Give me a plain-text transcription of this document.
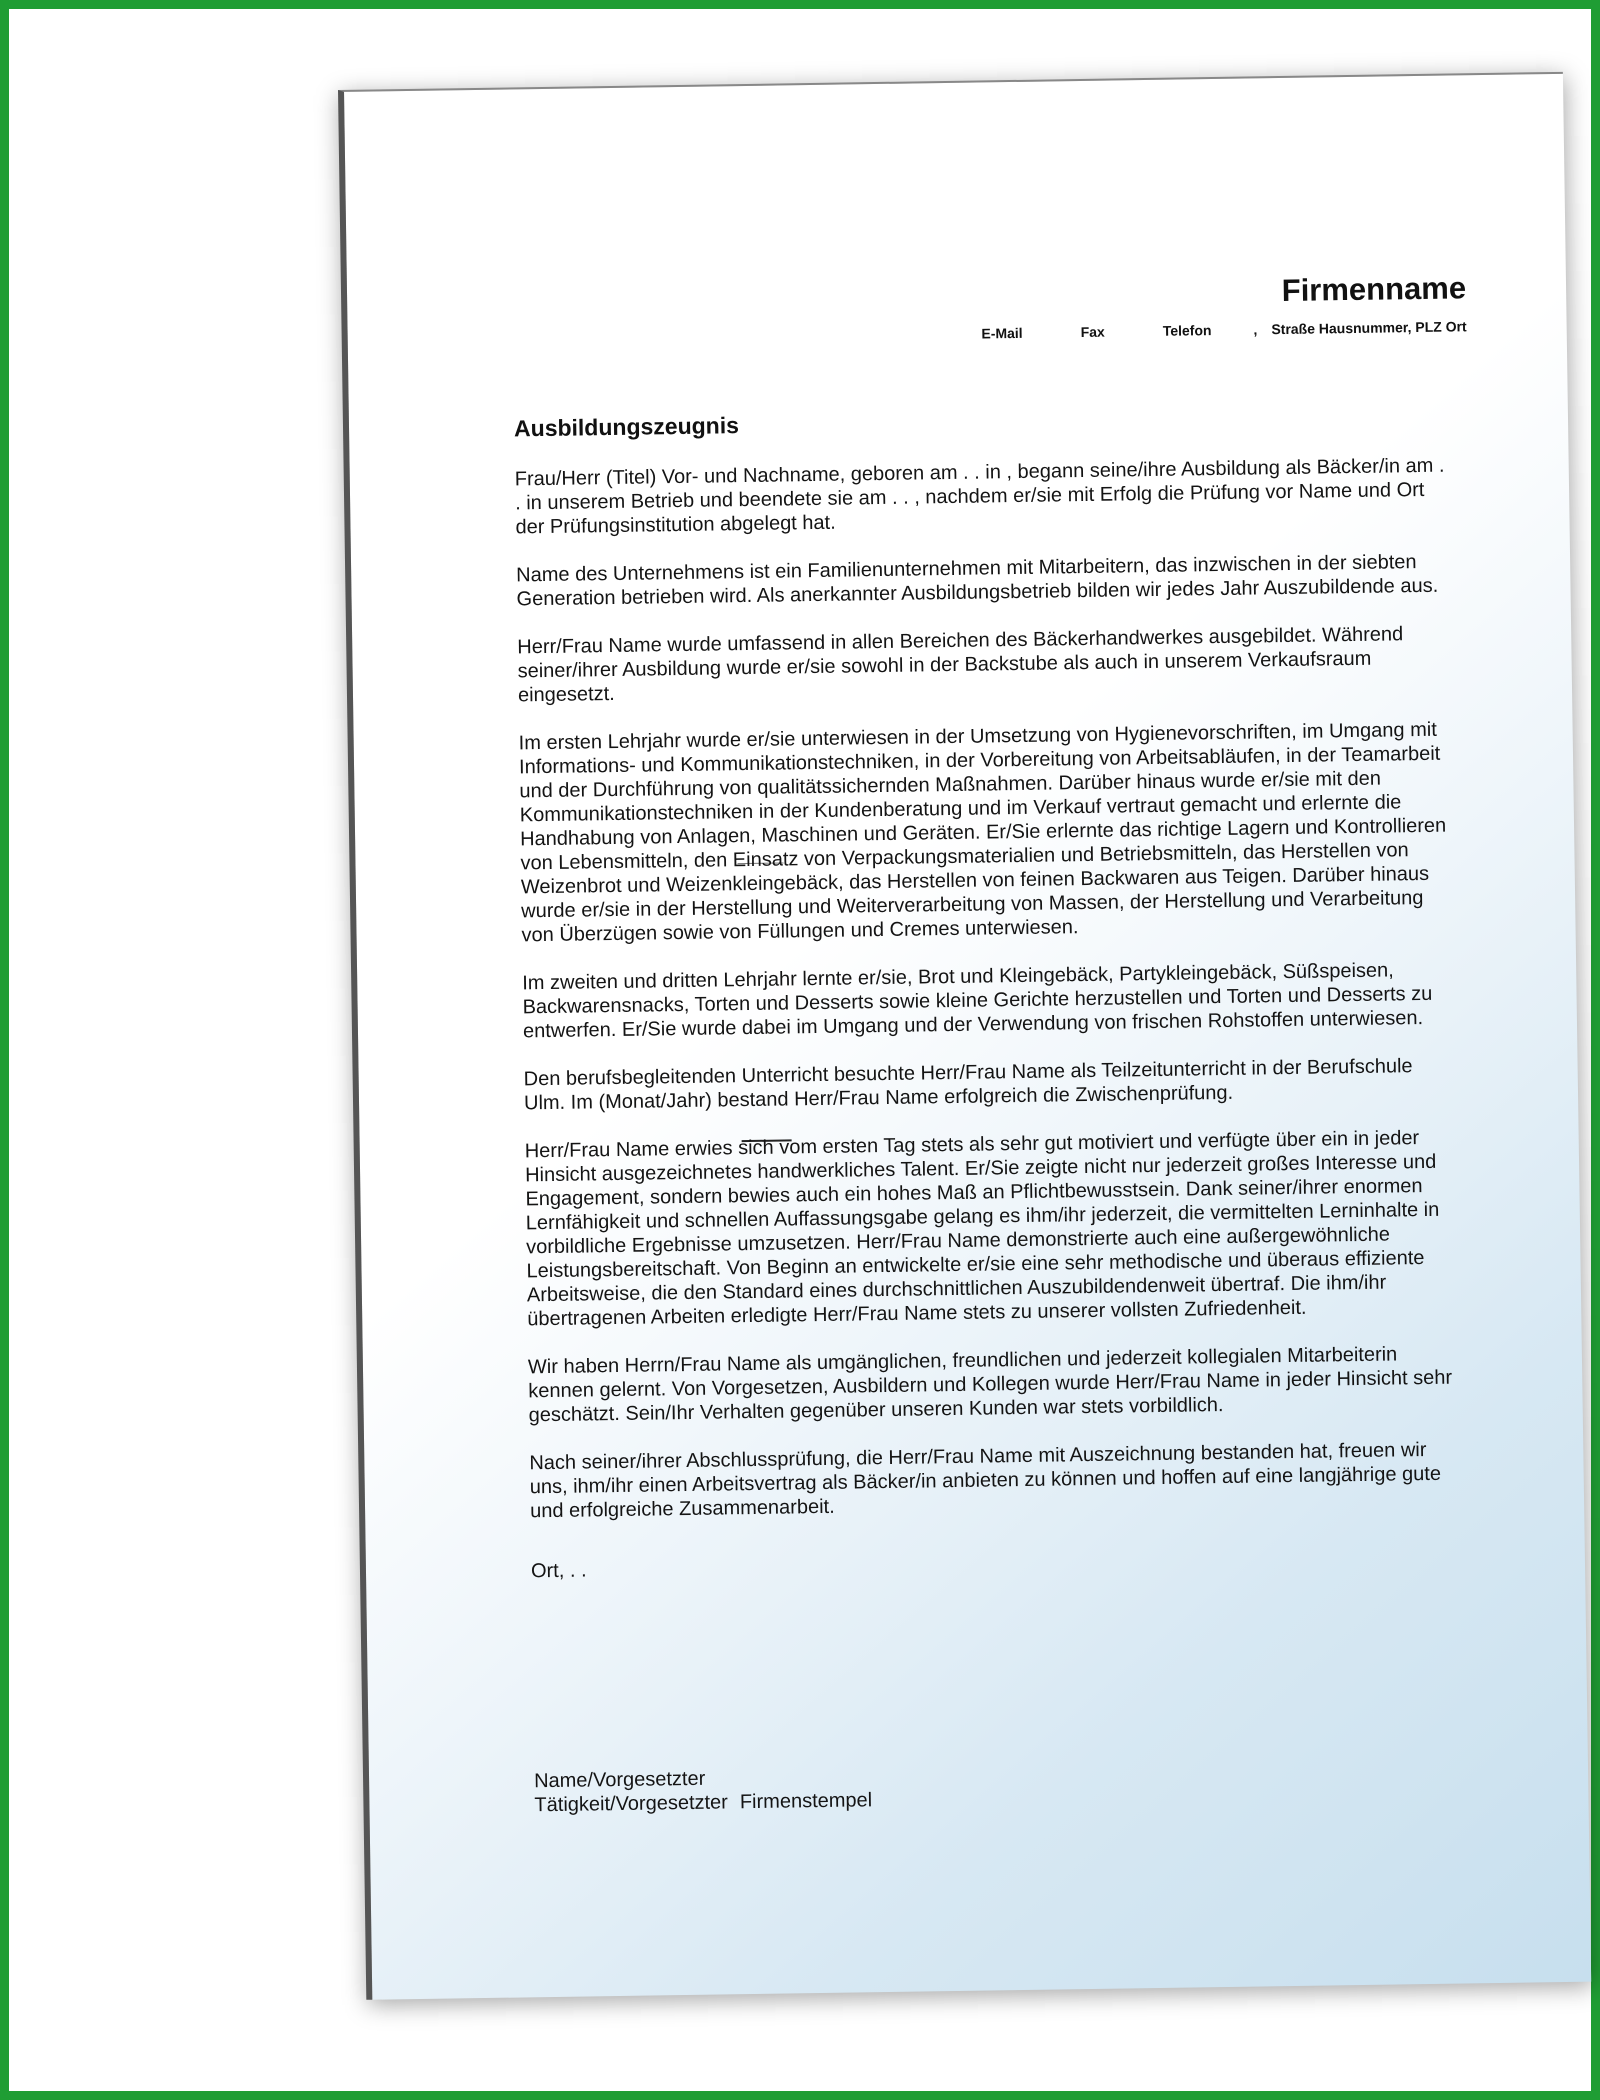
Firmenname
E-Mail	Fax	Telefon	, Straße Hausnummer, PLZ Ort
Ausbildungszeugnis

Frau/Herr (Titel) Vor- und Nachname, geboren am . . in , begann seine/ihre Ausbildung als Bäcker/in am . . in unserem Betrieb und beendete sie am . . , nachdem er/sie mit Erfolg die Prüfung vor Name und Ort der Prüfungsinstitution abgelegt hat.

Name des Unternehmens ist ein Familienunternehmen mit Mitarbeitern, das inzwischen in der siebten Generation betrieben wird. Als anerkannter Ausbildungsbetrieb bilden wir jedes Jahr Auszubildende aus.

Herr/Frau Name wurde umfassend in allen Bereichen des Bäckerhandwerkes ausgebildet. Während seiner/ihrer Ausbildung wurde er/sie sowohl in der Backstube als auch in unserem Verkaufsraum eingesetzt.

Im ersten Lehrjahr wurde er/sie unterwiesen in der Umsetzung von Hygienevorschriften, im Umgang mit Informations- und Kommunikationstechniken, in der Vorbereitung von Arbeitsabläufen, in der Teamarbeit und der Durchführung von qualitätssichernden Maßnahmen. Darüber hinaus wurde er/sie mit den Kommunikationstechniken in der Kundenberatung und im Verkauf vertraut gemacht und erlernte die Handhabung von Anlagen, Maschinen und Geräten. Er/Sie erlernte das richtige Lagern und Kontrollieren von Lebensmitteln, den Einsatz von Verpackungsmaterialien und Betriebsmitteln, das Herstellen von Weizenbrot und Weizenkleingebäck, das Herstellen von feinen Backwaren aus Teigen. Darüber hinaus wurde er/sie in der Herstellung und Weiterverarbeitung von Massen, der Herstellung und Verarbeitung von Überzügen sowie von Füllungen und Cremes unterwiesen.

Im zweiten und dritten Lehrjahr lernte er/sie, Brot und Kleingebäck, Partykleingebäck, Süßspeisen, Backwarensnacks, Torten und Desserts sowie kleine Gerichte herzustellen und Torten und Desserts zu entwerfen. Er/Sie wurde dabei im Umgang und der Verwendung von frischen Rohstoffen unterwiesen.

Den berufsbegleitenden Unterricht besuchte Herr/Frau Name als Teilzeitunterricht in der Berufschule Ulm. Im (Monat/Jahr) bestand Herr/Frau Name erfolgreich die Zwischenprüfung.

Herr/Frau Name erwies sich vom ersten Tag stets als sehr gut motiviert und verfügte über ein in jeder Hinsicht ausgezeichnetes handwerkliches Talent. Er/Sie zeigte nicht nur jederzeit großes Interesse und Engagement, sondern bewies auch ein hohes Maß an Pflichtbewusstsein. Dank seiner/ihrer enormen Lernfähigkeit und schnellen Auffassungsgabe gelang es ihm/ihr jederzeit, die vermittelten Lerninhalte in vorbildliche Ergebnisse umzusetzen. Herr/Frau Name demonstrierte auch eine außergewöhnliche Leistungsbereitschaft. Von Beginn an entwickelte er/sie eine sehr methodische und überaus effiziente Arbeitsweise, die den Standard eines durchschnittlichen Auszubildendenweit übertraf. Die ihm/ihr übertragenen Arbeiten erledigte Herr/Frau Name stets zu unserer vollsten Zufriedenheit.

Wir haben Herrn/Frau Name als umgänglichen, freundlichen und jederzeit kollegialen Mitarbeiterin kennen gelernt. Von Vorgesetzen, Ausbildern und Kollegen wurde Herr/Frau Name in jeder Hinsicht sehr geschätzt. Sein/Ihr Verhalten gegenüber unseren Kunden war stets vorbildlich.

Nach seiner/ihrer Abschlussprüfung, die Herr/Frau Name mit Auszeichnung bestanden hat, freuen wir uns, ihm/ihr einen Arbeitsvertrag als Bäcker/in anbieten zu können und hoffen auf eine langjährige gute und erfolgreiche Zusammenarbeit.

Ort, . .

Name/Vorgesetzter
Tätigkeit/Vorgesetzter Firmenstempel
